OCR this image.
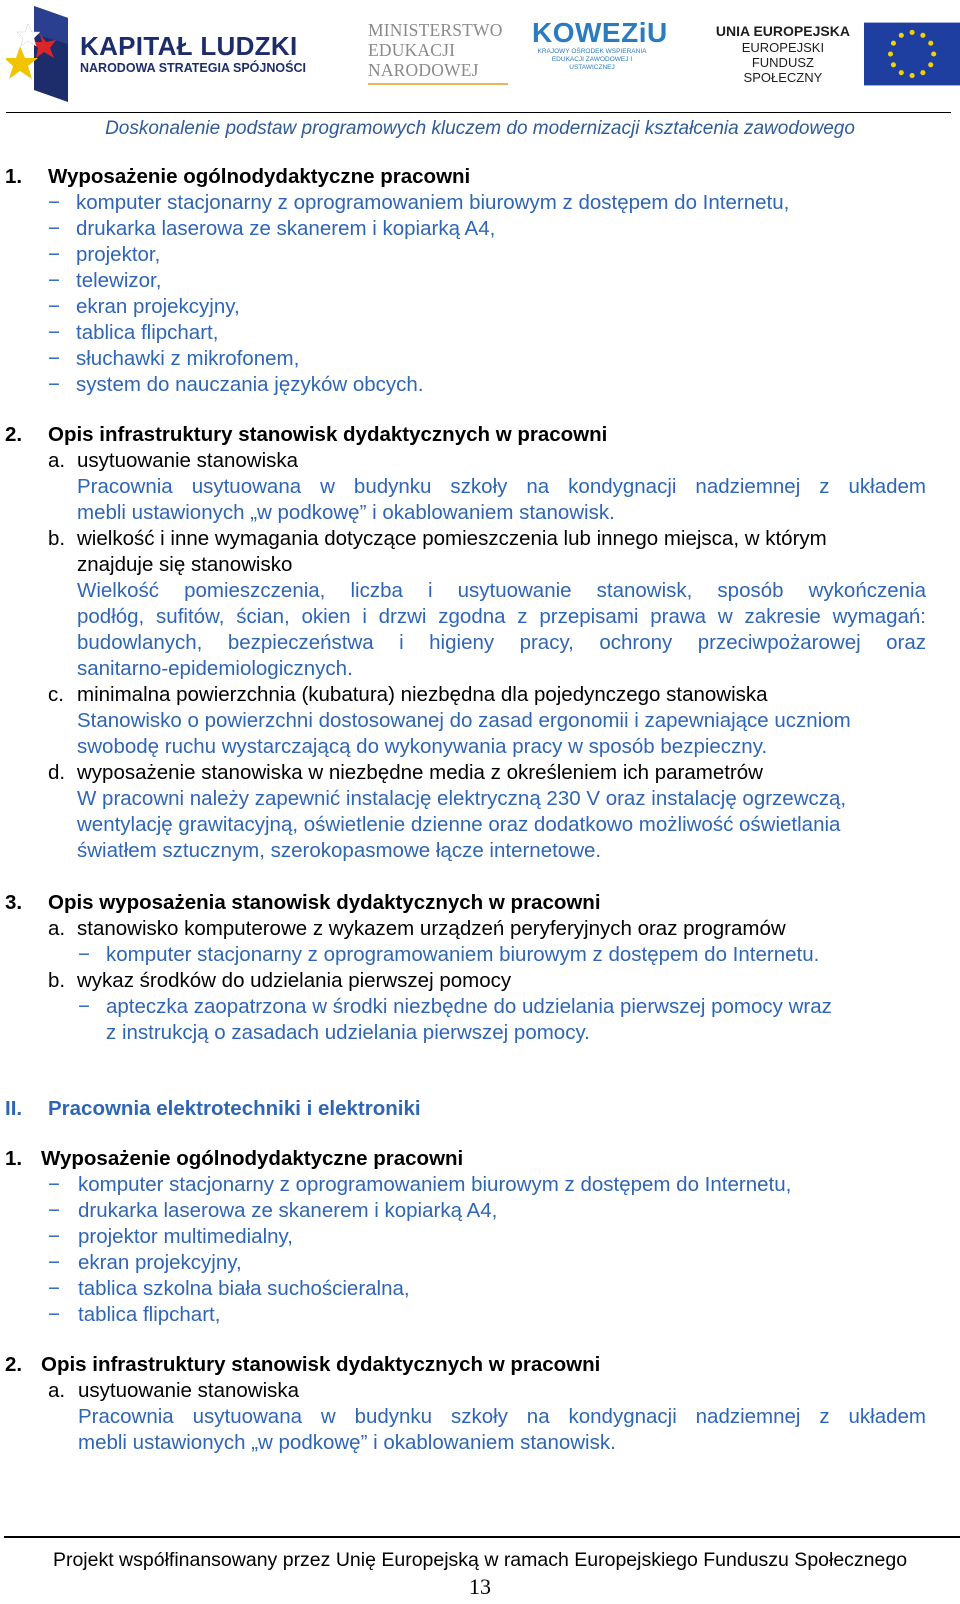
KAPITAŁ LUDZKI
NARODOWA STRATEGIA SPÓJNOŚCI
MINISTERSTWO
EDUKACJI
NARODOWEJ
KOWEZiU
KRAJOWY OŚRODEK WSPIERANIA EDUKACJI ZAWODOWEJ I USTAWICZNEJ
UNIA EUROPEJSKA
EUROPEJSKI
FUNDUSZ SPOŁECZNY
Doskonalenie podstaw programowych kluczem do modernizacji kształcenia zawodowego
1. Wyposażenie ogólnodydaktyczne pracowni
− komputer stacjonarny z oprogramowaniem biurowym z dostępem do Internetu,
− drukarka laserowa ze skanerem i kopiarką A4,
− projektor,
− telewizor,
− ekran projekcyjny,
− tablica flipchart,
− słuchawki z mikrofonem,
− system do nauczania języków obcych.
2. Opis infrastruktury stanowisk dydaktycznych w pracowni
a. usytuowanie stanowiska
Pracownia usytuowana w budynku szkoły na kondygnacji nadziemnej z układem
mebli ustawionych „w podkowę” i okablowaniem stanowisk.
b. wielkość i inne wymagania dotyczące pomieszczenia lub innego miejsca, w którym
znajduje się stanowisko
Wielkość pomieszczenia, liczba i usytuowanie stanowisk, sposób wykończenia
podłóg, sufitów, ścian, okien i drzwi zgodna z przepisami prawa w zakresie wymagań:
budowlanych, bezpieczeństwa i higieny pracy, ochrony przeciwpożarowej oraz
sanitarno-epidemiologicznych.
c. minimalna powierzchnia (kubatura) niezbędna dla pojedynczego stanowiska
Stanowisko o powierzchni dostosowanej do zasad ergonomii i zapewniające uczniom
swobodę ruchu wystarczającą do wykonywania pracy w sposób bezpieczny.
d. wyposażenie stanowiska w niezbędne media z określeniem ich parametrów
W pracowni należy zapewnić instalację elektryczną 230 V oraz instalację ogrzewczą,
wentylację grawitacyjną, oświetlenie dzienne oraz dodatkowo możliwość oświetlania
światłem sztucznym, szerokopasmowe łącze internetowe.
3. Opis wyposażenia stanowisk dydaktycznych w pracowni
a. stanowisko komputerowe z wykazem urządzeń peryferyjnych oraz programów
− komputer stacjonarny z oprogramowaniem biurowym z dostępem do Internetu.
b. wykaz środków do udzielania pierwszej pomocy
− apteczka zaopatrzona w środki niezbędne do udzielania pierwszej pomocy wraz
z instrukcją o zasadach udzielania pierwszej pomocy.
II. Pracownia elektrotechniki i elektroniki
1. Wyposażenie ogólnodydaktyczne pracowni
− komputer stacjonarny z oprogramowaniem biurowym z dostępem do Internetu,
− drukarka laserowa ze skanerem i kopiarką A4,
− projektor multimedialny,
− ekran projekcyjny,
− tablica szkolna biała suchościeralna,
− tablica flipchart,
2. Opis infrastruktury stanowisk dydaktycznych w pracowni
a. usytuowanie stanowiska
Pracownia usytuowana w budynku szkoły na kondygnacji nadziemnej z układem
mebli ustawionych „w podkowę” i okablowaniem stanowisk.
Projekt współfinansowany przez Unię Europejską w ramach Europejskiego Funduszu Społecznego
13
